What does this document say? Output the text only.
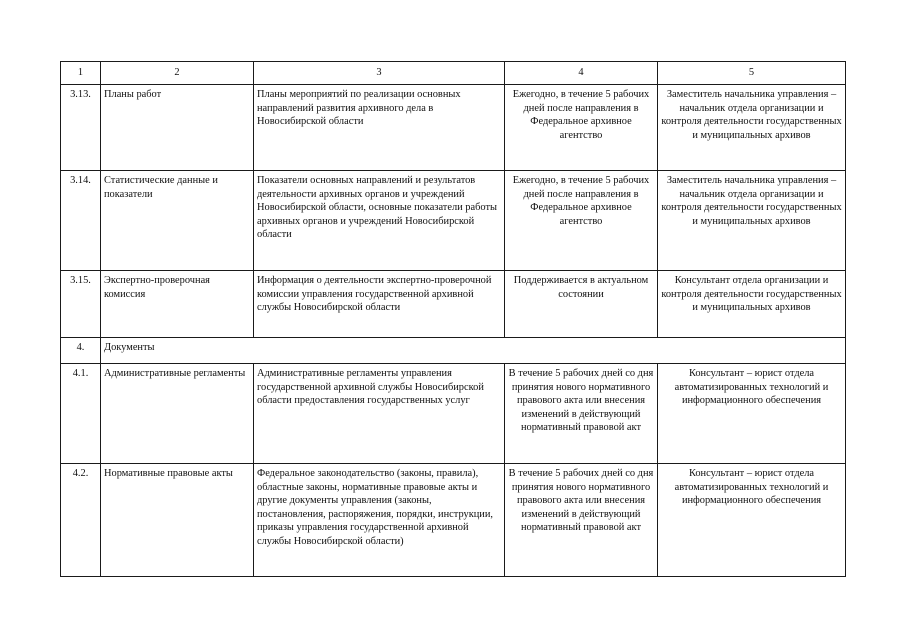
1	2	3	4	5
3.13.	Планы работ	Планы мероприятий по реализации основных направлений развития архивного дела в Новосибирской области	Ежегодно, в течение 5 рабочих дней после направления в Федеральное архивное агентство	Заместитель начальника управления – начальник отдела организации и контроля деятельности государственных и муниципальных архивов
3.14.	Статистические данные и показатели	Показатели основных направлений и результатов деятельности архивных органов и учреждений Новосибирской области, основные показатели работы архивных органов и учреждений Новосибирской области	Ежегодно, в течение 5 рабочих дней после направления в Федеральное архивное агентство	Заместитель начальника управления – начальник отдела организации и контроля деятельности государственных и муниципальных архивов
3.15.	Экспертно-проверочная комиссия	Информация о деятельности экспертно-проверочной комиссии управления государственной архивной службы Новосибирской области	Поддерживается в актуальном состоянии	Консультант отдела организации и контроля деятельности государственных и муниципальных архивов
4.	Документы			
4.1.	Административные регламенты	Административные регламенты управления государственной архивной службы Новосибирской области предоставления государственных услуг	В течение 5 рабочих дней со дня принятия нового нормативного правового акта или внесения изменений в действующий нормативный правовой акт	Консультант – юрист отдела автоматизированных технологий и информационного обеспечения
4.2.	Нормативные правовые акты	Федеральное законодательство (законы, правила), областные законы, нормативные правовые акты и другие документы управления (законы, постановления, распоряжения, порядки, инструкции, приказы управления государственной архивной службы Новосибирской области)	В течение 5 рабочих дней со дня принятия нового нормативного правового акта или внесения изменений в действующий нормативный правовой акт	Консультант – юрист отдела автоматизированных технологий и информационного обеспечения
